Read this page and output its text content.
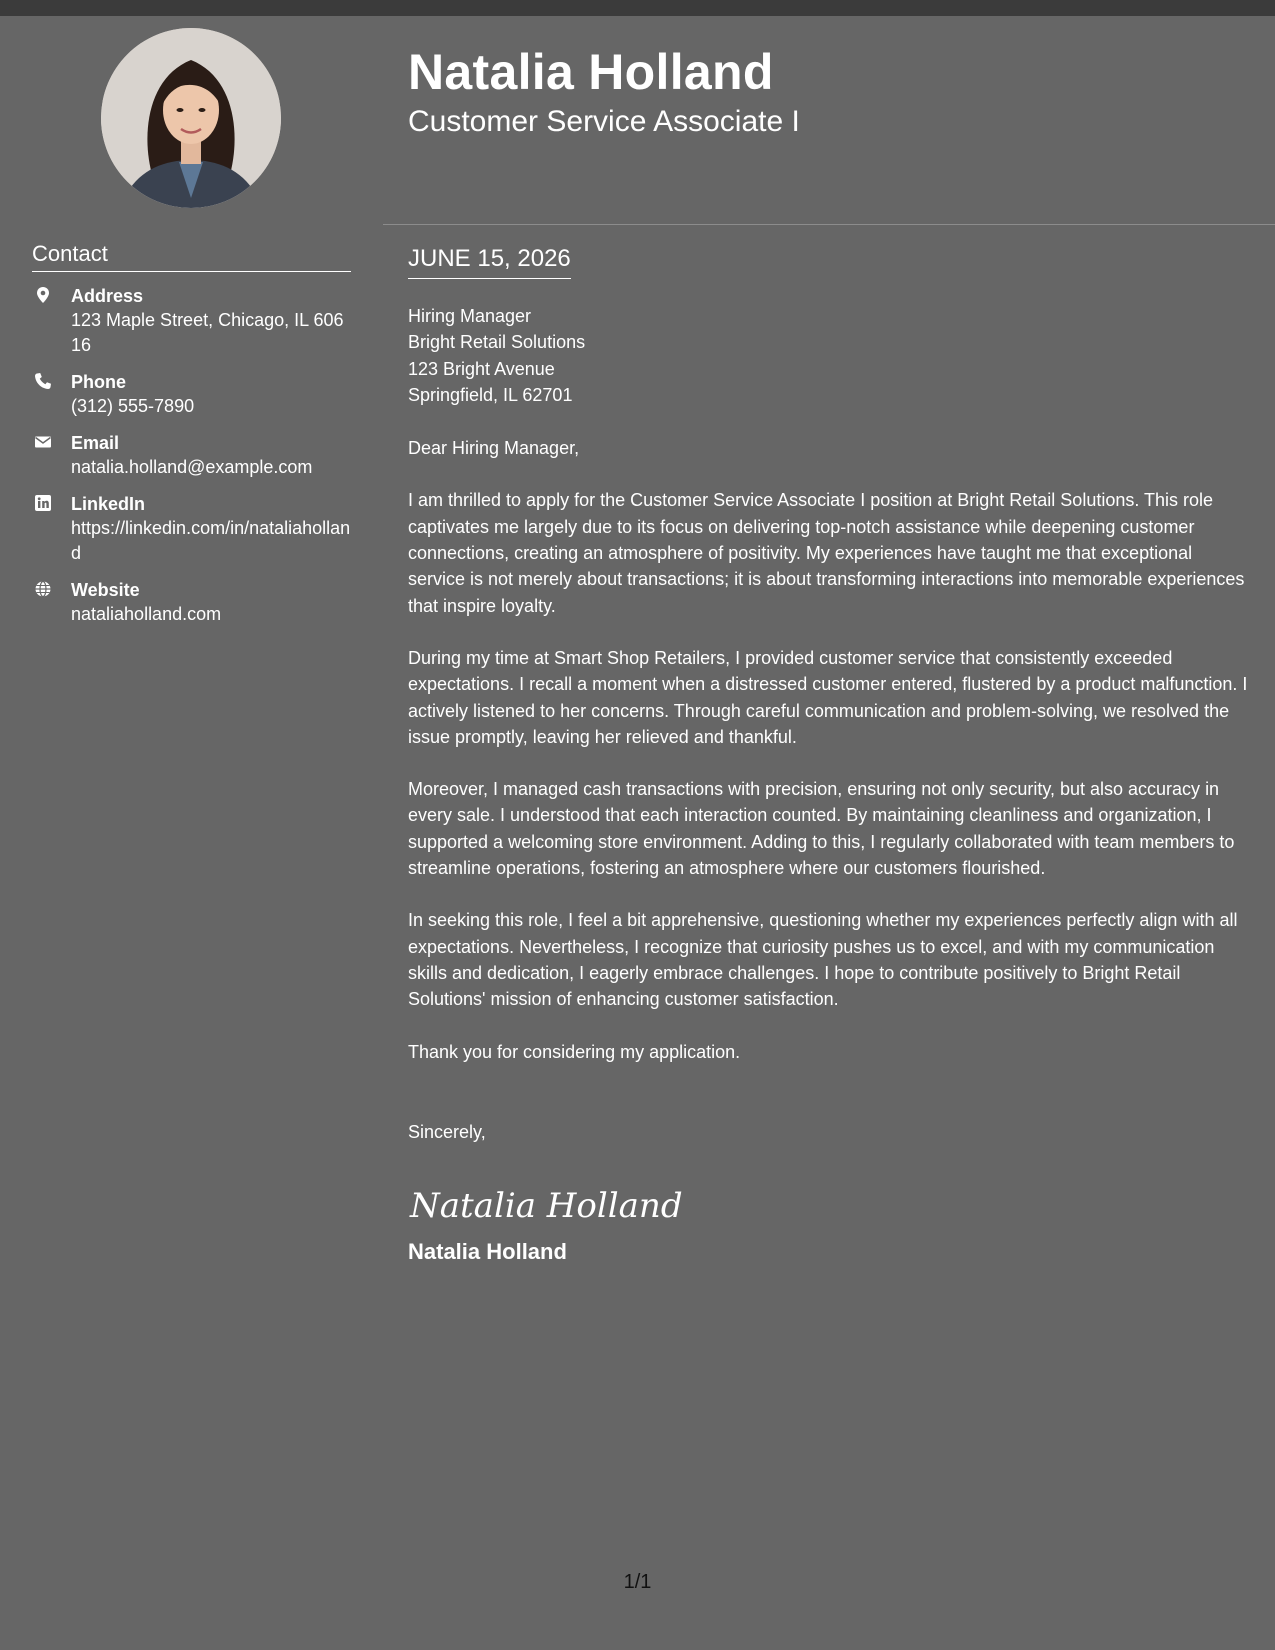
Contact
Address
123 Maple Street, Chicago, IL 60616
Phone
(312) 555-7890
Email
natalia.holland@example.com
LinkedIn
https://linkedin.com/in/nataliaholland
Website
nataliaholland.com
Natalia Holland
Customer Service Associate I
JUNE 15, 2026
Hiring Manager
Bright Retail Solutions
123 Bright Avenue
Springfield, IL 62701

Dear Hiring Manager,

I am thrilled to apply for the Customer Service Associate I position at Bright Retail Solutions. This role captivates me largely due to its focus on delivering top-notch assistance while deepening customer connections, creating an atmosphere of positivity. My experiences have taught me that exceptional service is not merely about transactions; it is about transforming interactions into memorable experiences that inspire loyalty.

During my time at Smart Shop Retailers, I provided customer service that consistently exceeded expectations. I recall a moment when a distressed customer entered, flustered by a product malfunction. I actively listened to her concerns. Through careful communication and problem-solving, we resolved the issue promptly, leaving her relieved and thankful.

Moreover, I managed cash transactions with precision, ensuring not only security, but also accuracy in every sale. I understood that each interaction counted. By maintaining cleanliness and organization, I supported a welcoming store environment. Adding to this, I regularly collaborated with team members to streamline operations, fostering an atmosphere where our customers flourished.

In seeking this role, I feel a bit apprehensive, questioning whether my experiences perfectly align with all expectations. Nevertheless, I recognize that curiosity pushes us to excel, and with my communication skills and dedication, I eagerly embrace challenges. I hope to contribute positively to Bright Retail Solutions' mission of enhancing customer satisfaction.

Thank you for considering my application.

Sincerely,

Natalia Holland
Natalia Holland
1/1
